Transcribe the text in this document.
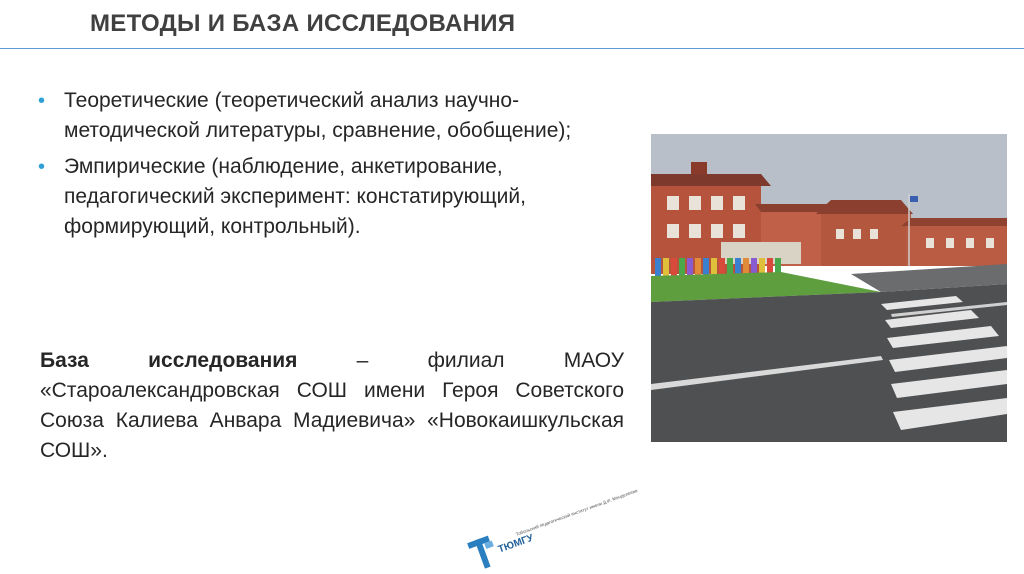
МЕТОДЫ И БАЗА ИССЛЕДОВАНИЯ
• Теоретические (теоретический анализ научно-методической литературы, сравнение, обобщение);
• Эмпирические (наблюдение, анкетирование, педагогический эксперимент: констатирующий, формирующий, контрольный).
База исследования – филиал МАОУ «Старoалександровская СОШ имени Героя Советского Союза Калиева Анвара Мадиевича» «Новокаишкульская СОШ».
ТЮМГУ
Тобольский педагогический институт имени Д.И. Менделеева
